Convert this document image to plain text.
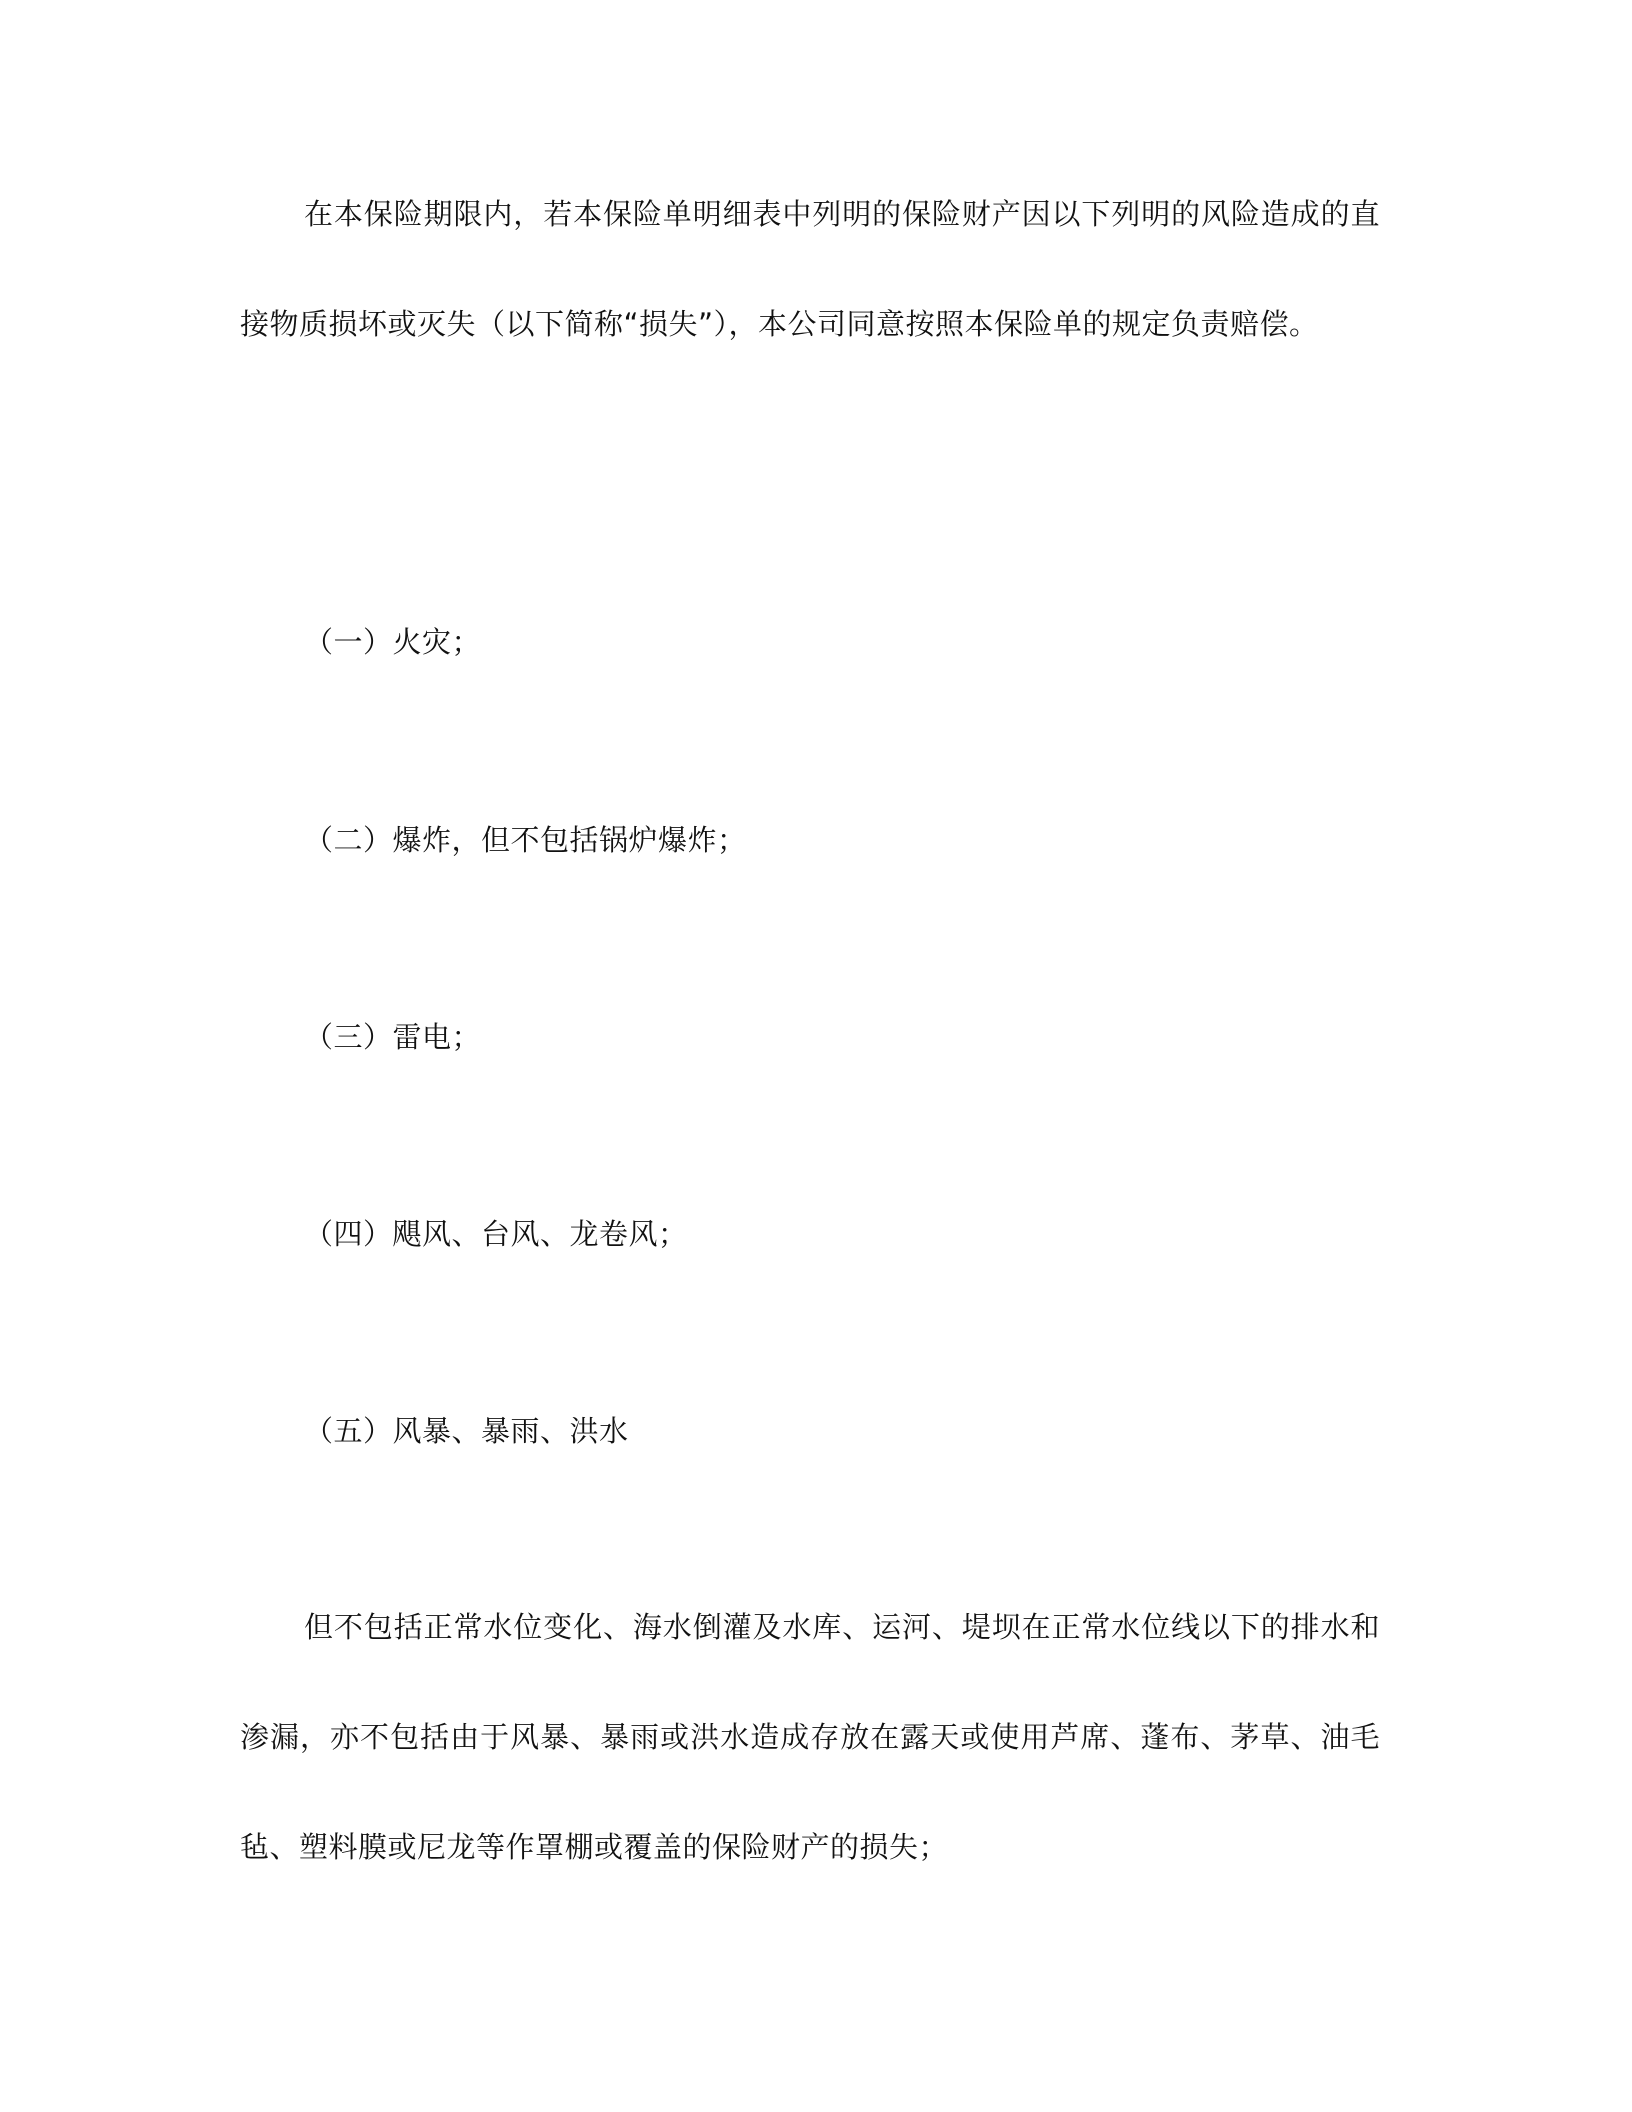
在本保险期限内，若本保险单明细表中列明的保险财产因以下列明的风险造成的直接物质损坏或灭失（以下简称“损失”），本公司同意按照本保险单的规定负责赔偿。

（一）火灾；

（二）爆炸，但不包括锅炉爆炸；

（三）雷电；

（四）飓风、台风、龙卷风；

（五）风暴、暴雨、洪水

但不包括正常水位变化、海水倒灌及水库、运河、堤坝在正常水位线以下的排水和渗漏，亦不包括由于风暴、暴雨或洪水造成存放在露天或使用芦席、蓬布、茅草、油毛毡、塑料膜或尼龙等作罩棚或覆盖的保险财产的损失；
